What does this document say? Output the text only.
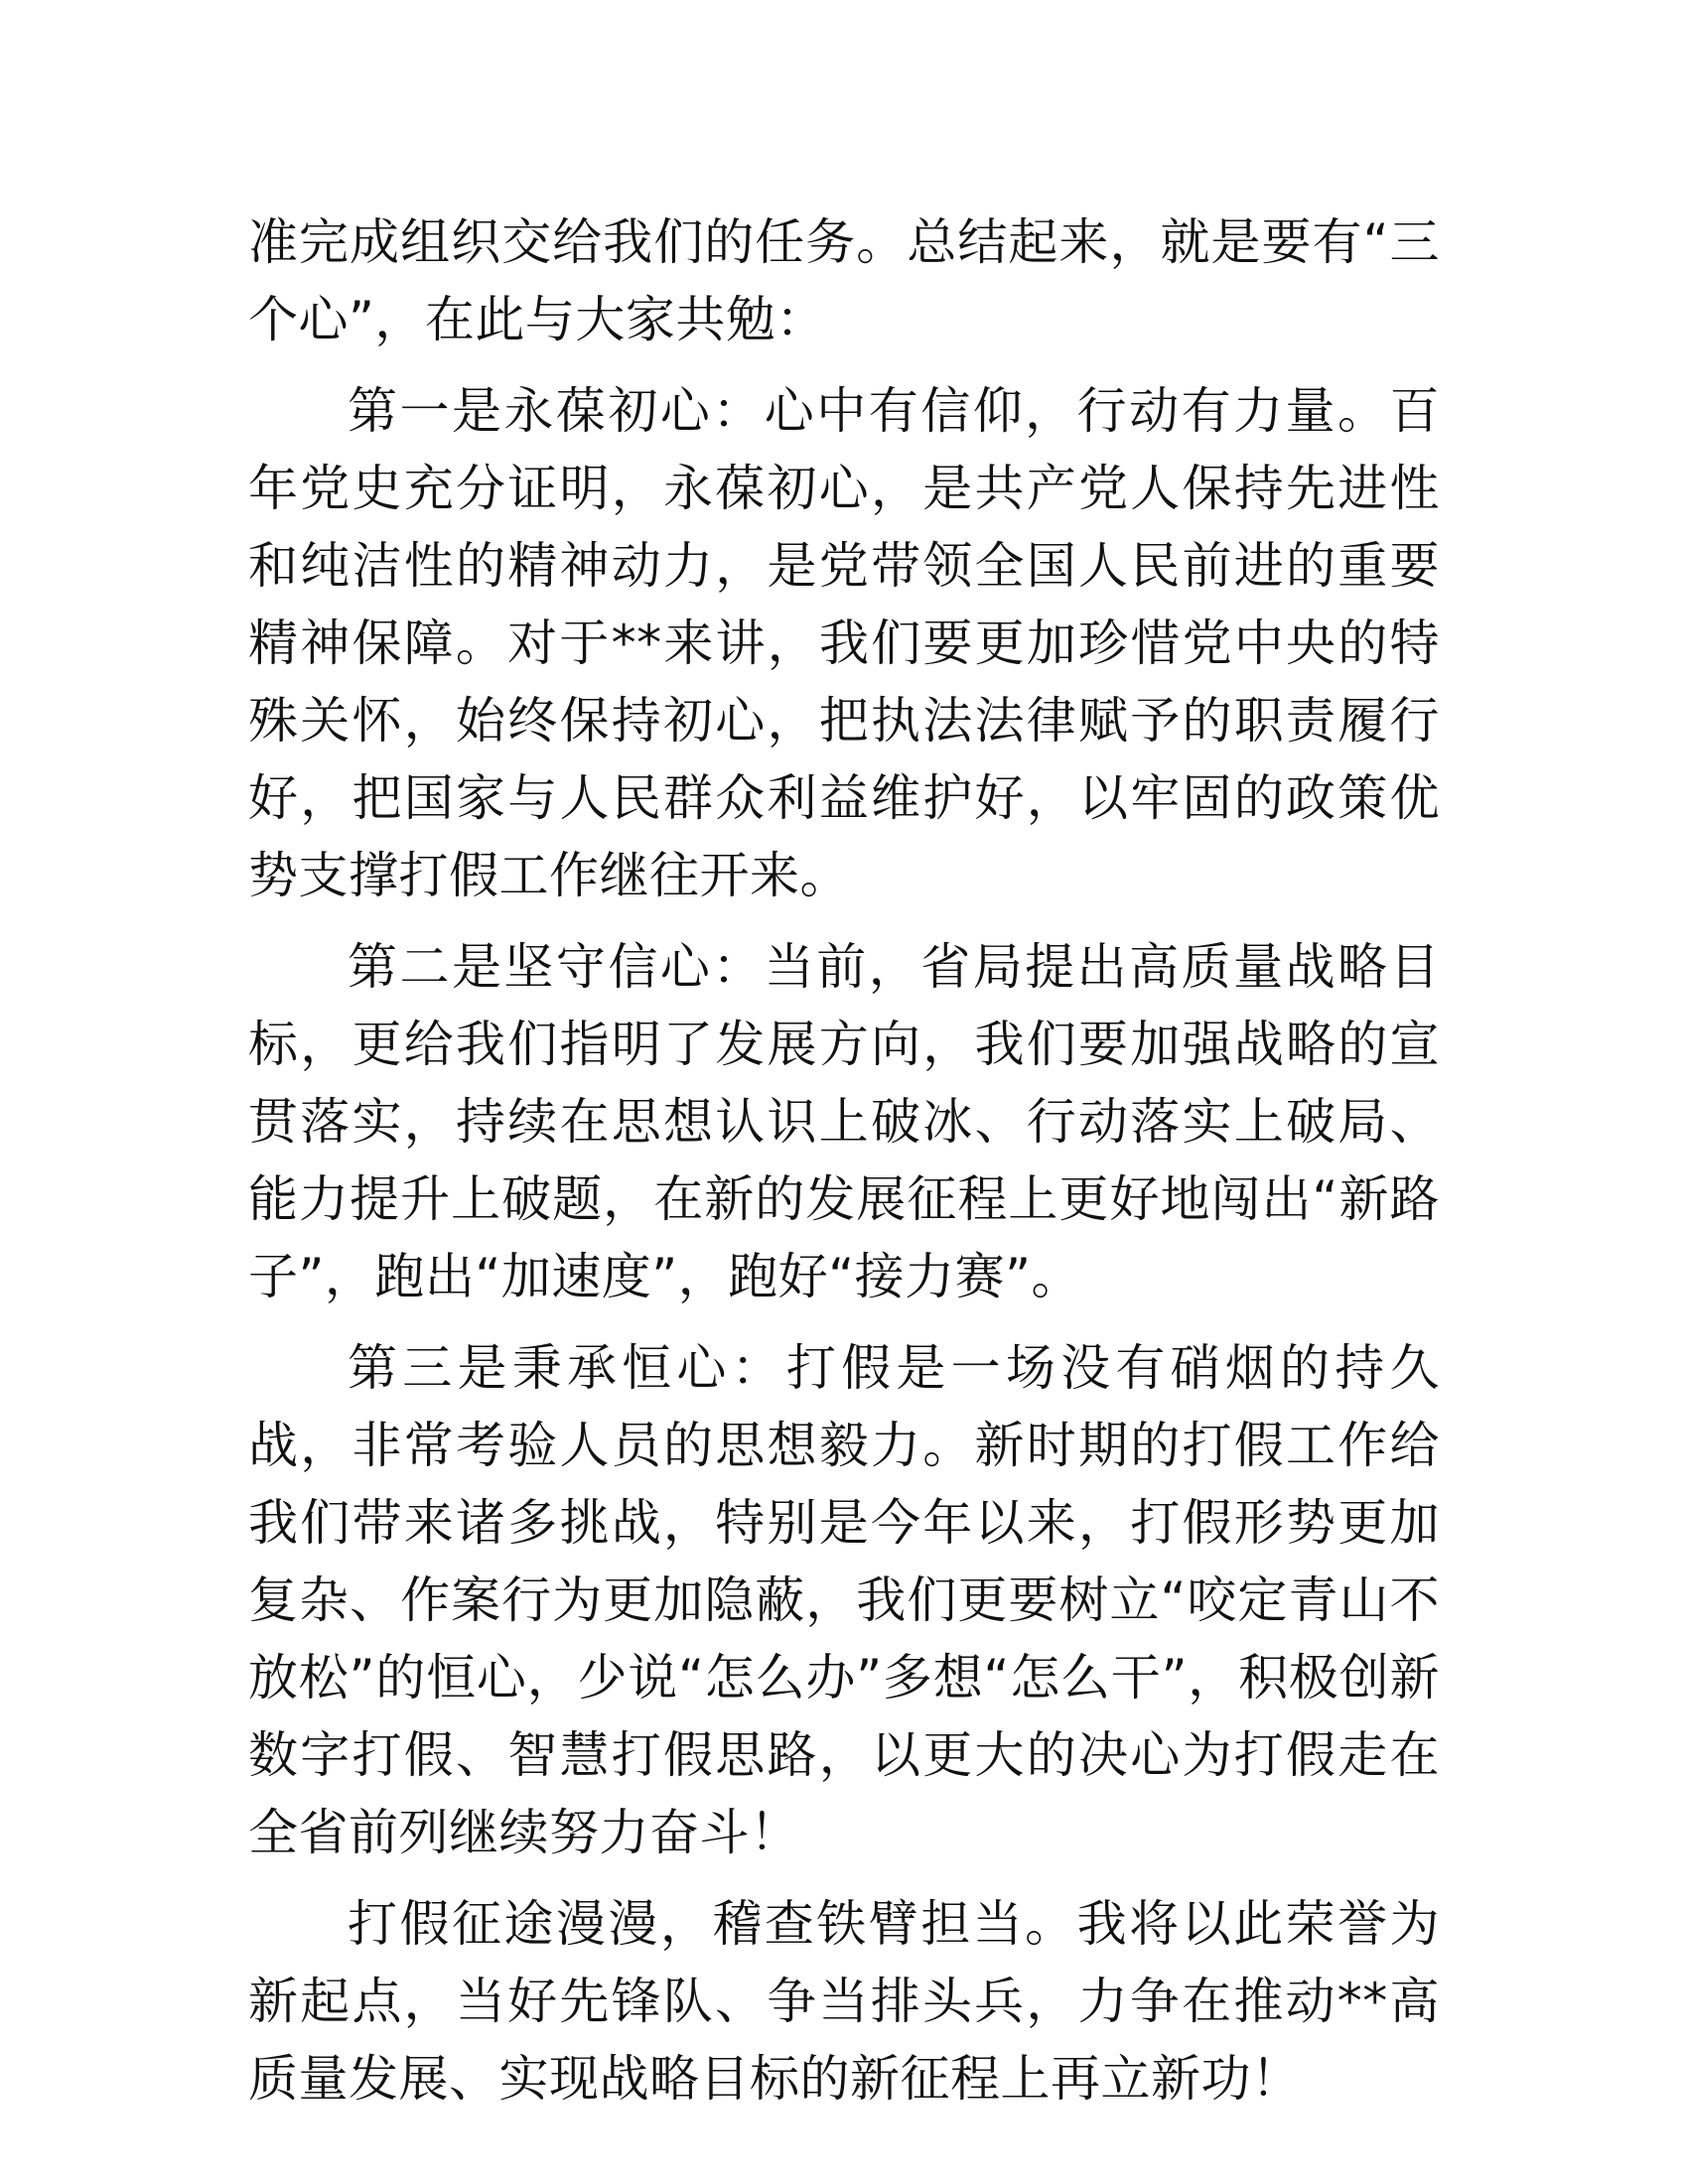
准完成组织交给我们的任务。总结起来，就是要有“三个心”，在此与大家共勉：

第一是永葆初心：心中有信仰，行动有力量。百年党史充分证明，永葆初心，是共产党人保持先进性和纯洁性的精神动力，是党带领全国人民前进的重要精神保障。对于**来讲，我们要更加珍惜党中央的特殊关怀，始终保持初心，把执法法律赋予的职责履行好，把国家与人民群众利益维护好，以牢固的政策优势支撑打假工作继往开来。

第二是坚守信心：当前，省局提出高质量战略目标，更给我们指明了发展方向，我们要加强战略的宣贯落实，持续在思想认识上破冰、行动落实上破局、能力提升上破题，在新的发展征程上更好地闯出“新路子”，跑出“加速度”，跑好“接力赛”。

第三是秉承恒心：打假是一场没有硝烟的持久战，非常考验人员的思想毅力。新时期的打假工作给我们带来诸多挑战，特别是今年以来，打假形势更加复杂、作案行为更加隐蔽，我们更要树立“咬定青山不放松”的恒心，少说“怎么办”多想“怎么干”，积极创新数字打假、智慧打假思路，以更大的决心为打假走在全省前列继续努力奋斗！

打假征途漫漫，稽查铁臂担当。我将以此荣誉为新起点，当好先锋队、争当排头兵，力争在推动**高质量发展、实现战略目标的新征程上再立新功！
